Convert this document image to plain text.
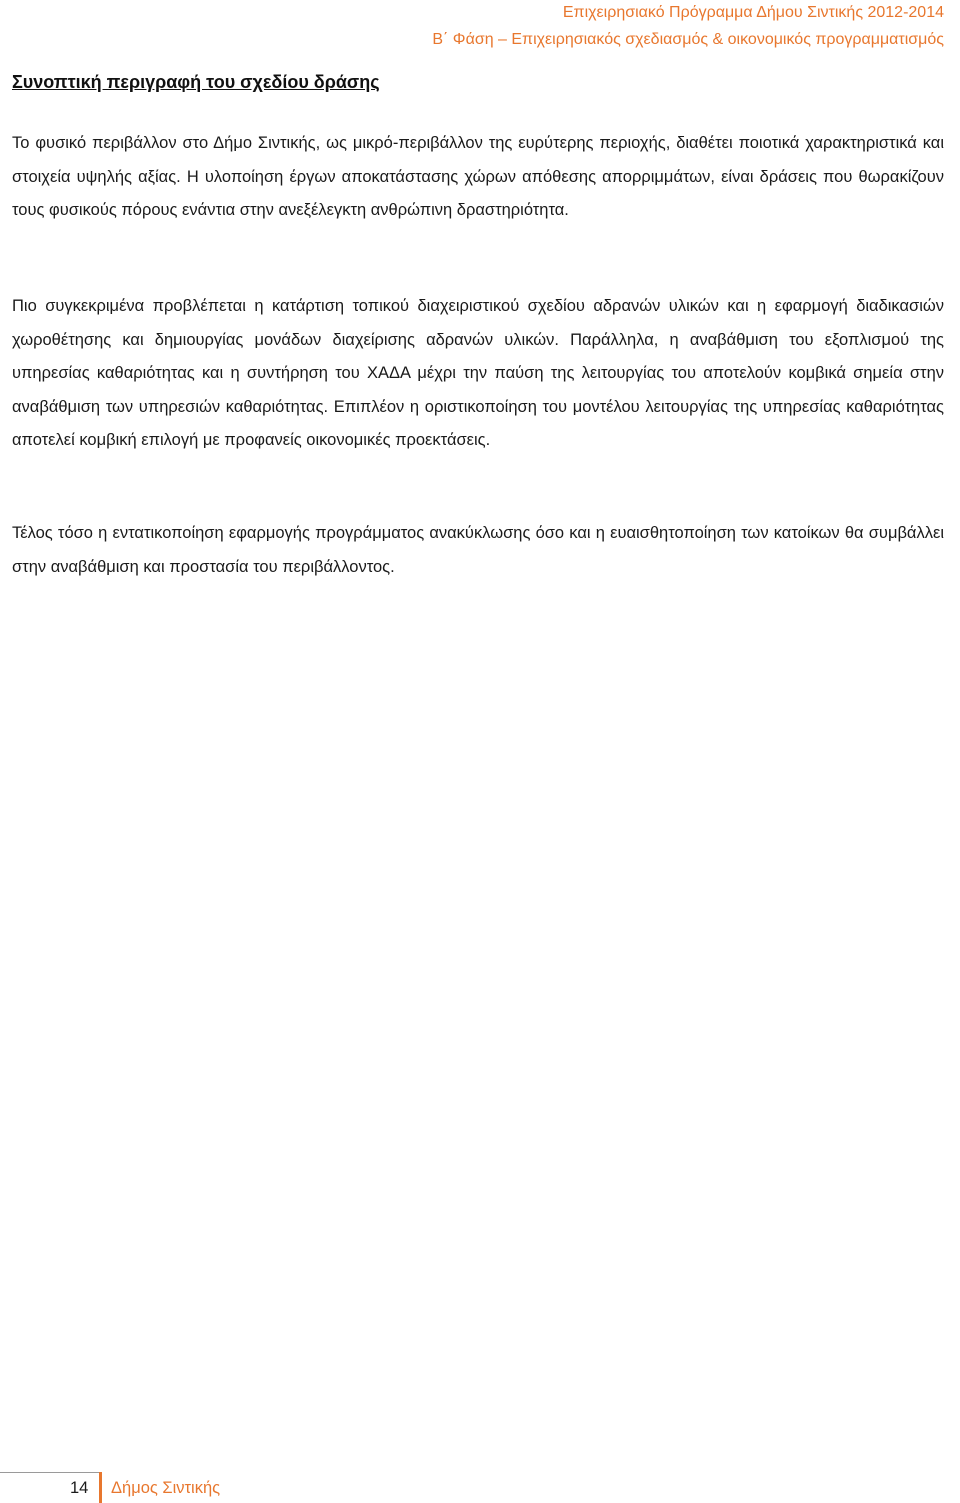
Επιχειρησιακό Πρόγραμμα Δήμου Σιντικής 2012-2014
Β΄ Φάση – Επιχειρησιακός σχεδιασμός & οικονομικός προγραμματισμός
Συνοπτική περιγραφή του σχεδίου δράσης

Το φυσικό περιβάλλον στο Δήμο Σιντικής, ως μικρό-περιβάλλον της ευρύτερης περιοχής, διαθέτει ποιοτικά χαρακτηριστικά και στοιχεία υψηλής αξίας. Η υλοποίηση έργων αποκατάστασης χώρων απόθεσης απορριμμάτων, είναι δράσεις που θωρακίζουν τους φυσικούς πόρους ενάντια στην ανεξέλεγκτη ανθρώπινη δραστηριότητα.

Πιο συγκεκριμένα προβλέπεται η κατάρτιση τοπικού διαχειριστικού σχεδίου αδρανών υλικών και η εφαρμογή διαδικασιών χωροθέτησης και δημιουργίας μονάδων διαχείρισης αδρανών υλικών. Παράλληλα, η αναβάθμιση του εξοπλισμού της υπηρεσίας καθαριότητας και η συντήρηση του ΧΑΔΑ μέχρι την παύση της λειτουργίας του αποτελούν κομβικά σημεία στην αναβάθμιση των υπηρεσιών καθαριότητας. Επιπλέον η οριστικοποίηση του μοντέλου λειτουργίας της υπηρεσίας καθαριότητας αποτελεί κομβική επιλογή με προφανείς οικονομικές προεκτάσεις.

Τέλος τόσο η εντατικοποίηση εφαρμογής προγράμματος ανακύκλωσης όσο και η ευαισθητοποίηση των κατοίκων θα συμβάλλει στην αναβάθμιση και προστασία του περιβάλλοντος.

14 Δήμος Σιντικής
